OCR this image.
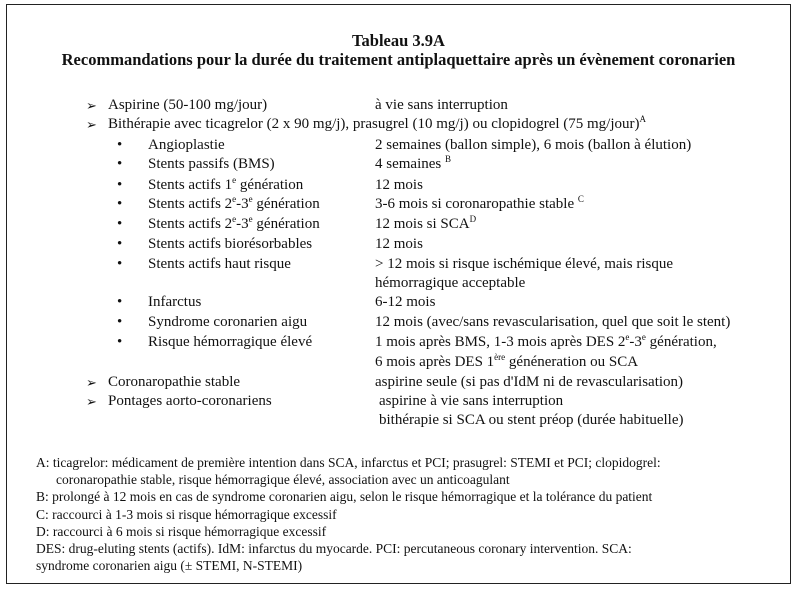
Tableau 3.9A
Recommandations pour la durée du traitement antiplaquettaire après un évènement coronarien
➢ Aspirine (50-100 mg/jour)	à vie sans interruption
➢ Bithérapie avec ticagrelor (2 x 90 mg/j), prasugrel (10 mg/j) ou clopidogrel (75 mg/jour)$^A$
• Angioplastie	2 semaines (ballon simple), 6 mois (ballon à élution)
• Stents passifs (BMS)	4 semaines $^B$
• Stents actifs 1e génération	12 mois
• Stents actifs 2e-3e génération	3-6 mois si coronaropathie stable $^C$
• Stents actifs 2e-3e génération	12 mois si $SCA^D$
• Stents actifs biorésorbables	12 mois
• Stents actifs haut risque	> 12 mois si risque ischémique élevé, mais risque
hémorragique acceptable
• Infarctus	6-12 mois
• Syndrome coronarien aigu	12 mois (avec/sans revascularisation, quel que soit le stent)
• Risque hémorragique élevé	1 mois après BMS, 1-3 mois après DES 2e-3e génération,
6 mois après DES 1ère généneration ou SCA
➢ Coronaropathie stable	aspirine seule (si pas d'IdM ni de revascularisation)
➢ Pontages aorto-coronariens	aspirine à vie sans interruption
bithérapie si SCA ou stent préop (durée habituelle)
A: ticagrelor: médicament de première intention dans SCA, infarctus et PCI; prasugrel: STEMI et PCI; clopidogrel:
coronaropathie stable, risque hémorragique élevé, association avec un anticoagulant
B: prolongé à 12 mois en cas de syndrome coronarien aigu, selon le risque hémorragique et la tolérance du patient
C: raccourci à 1-3 mois si risque hémorragique excessif
D: raccourci à 6 mois si risque hémorragique excessif
DES: drug-eluting stents (actifs). IdM: infarctus du myocarde. PCI: percutaneous coronary intervention. SCA:
syndrome coronarien aigu (± STEMI, N-STEMI)
